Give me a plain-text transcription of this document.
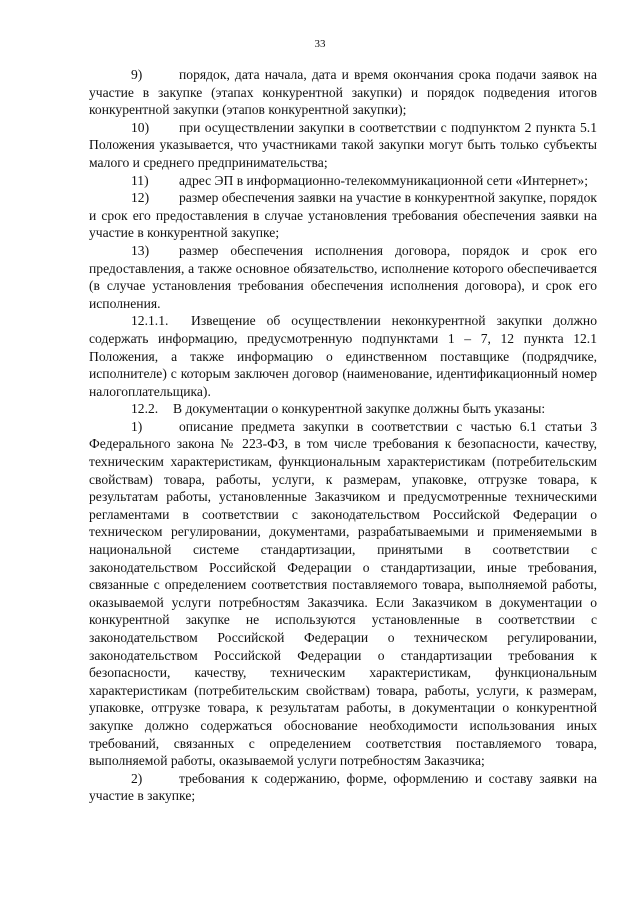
33

9)	порядок, дата начала, дата и время окончания срока подачи заявок на участие в закупке (этапах конкурентной закупки) и порядок подведения итогов конкурентной закупки (этапов конкурентной закупки);

10) при осуществлении закупки в соответствии с подпунктом 2 пункта 5.1 Положения указывается, что участниками такой закупки могут быть только субъекты малого и среднего предпринимательства;

11) адрес ЭП в информационно-телекоммуникационной сети «Интернет»;

12) размер обеспечения заявки на участие в конкурентной закупке, порядок и срок его предоставления в случае установления требования обеспечения заявки на участие в конкурентной закупке;

13) размер обеспечения исполнения договора, порядок и срок его предоставления, а также основное обязательство, исполнение которого обеспечивается (в случае установления требования обеспечения исполнения договора), и срок его исполнения.

12.1.1. Извещение об осуществлении неконкурентной закупки должно содержать информацию, предусмотренную подпунктами 1 – 7, 12 пункта 12.1 Положения, а также информацию о единственном поставщике (подрядчике, исполнителе) с которым заключен договор (наименование, идентификационный номер налогоплательщика).

12.2. В документации о конкурентной закупке должны быть указаны:

1)	описание предмета закупки в соответствии с частью 6.1 статьи 3 Федерального закона № 223-ФЗ, в том числе требования к безопасности, качеству, техническим характеристикам, функциональным характеристикам (потребительским свойствам) товара, работы, услуги, к размерам, упаковке, отгрузке товара, к результатам работы, установленные Заказчиком и предусмотренные техническими регламентами в соответствии с законодательством Российской Федерации о техническом регулировании, документами, разрабатываемыми и применяемыми в национальной системе стандартизации, принятыми в соответствии с законодательством Российской Федерации о стандартизации, иные требования, связанные с определением соответствия поставляемого товара, выполняемой работы, оказываемой услуги потребностям Заказчика. Если Заказчиком в документации о конкурентной закупке не используются установленные в соответствии с законодательством Российской Федерации о техническом регулировании, законодательством Российской Федерации о стандартизации требования к безопасности, качеству, техническим характеристикам, функциональным характеристикам (потребительским свойствам) товара, работы, услуги, к размерам, упаковке, отгрузке товара, к результатам работы, в документации о конкурентной закупке должно содержаться обоснование необходимости использования иных требований, связанных с определением соответствия поставляемого товара, выполняемой работы, оказываемой услуги потребностям Заказчика;

2)	требования к содержанию, форме, оформлению и составу заявки на участие в закупке;
